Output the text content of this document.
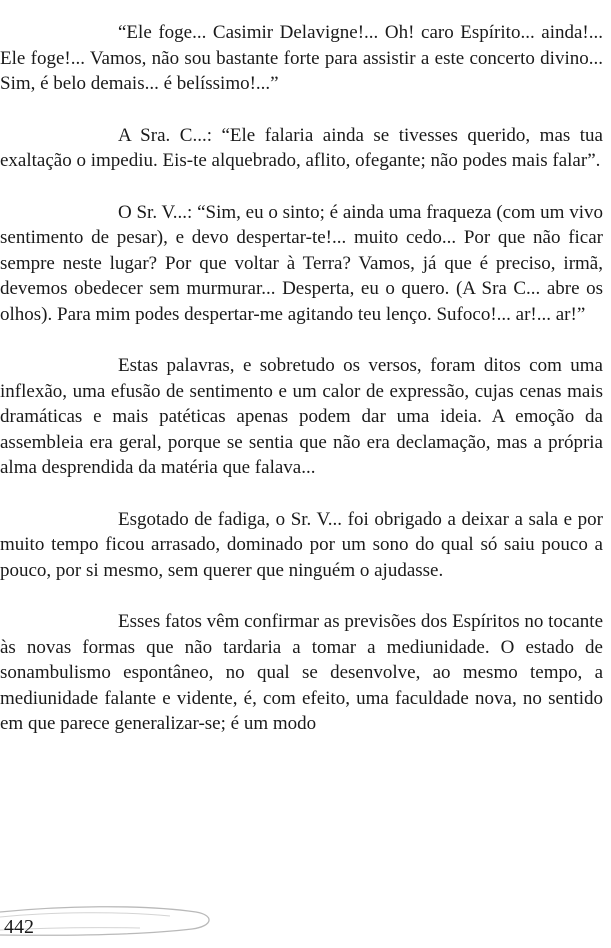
“Ele foge... Casimir Delavigne!... Oh! caro Espírito... ainda!... Ele foge!... Vamos, não sou bastante forte para assistir a este concerto divino... Sim, é belo demais... é belíssimo!...”

A Sra. C...: “Ele falaria ainda se tivesses querido, mas tua exaltação o impediu. Eis-te alquebrado, aflito, ofegante; não podes mais falar”.

O Sr. V...: “Sim, eu o sinto; é ainda uma fraqueza (com um vivo sentimento de pesar), e devo despertar-te!... muito cedo... Por que não ficar sempre neste lugar? Por que voltar à Terra? Vamos, já que é preciso, irmã, devemos obedecer sem murmurar... Desperta, eu o quero. (A Sra C... abre os olhos). Para mim podes despertar-me agitando teu lenço. Sufoco!... ar!... ar!”

Estas palavras, e sobretudo os versos, foram ditos com uma inflexão, uma efusão de sentimento e um calor de expressão, cujas cenas mais dramáticas e mais patéticas apenas podem dar uma ideia. A emoção da assembleia era geral, porque se sentia que não era declamação, mas a própria alma desprendida da matéria que falava...

Esgotado de fadiga, o Sr. V... foi obrigado a deixar a sala e por muito tempo ficou arrasado, dominado por um sono do qual só saiu pouco a pouco, por si mesmo, sem querer que ninguém o ajudasse.

Esses fatos vêm confirmar as previsões dos Espíritos no tocante às novas formas que não tardaria a tomar a mediunidade. O estado de sonambulismo espontâneo, no qual se desenvolve, ao mesmo tempo, a mediunidade falante e vidente, é, com efeito, uma faculdade nova, no sentido em que parece generalizar-se; é um modo

442
